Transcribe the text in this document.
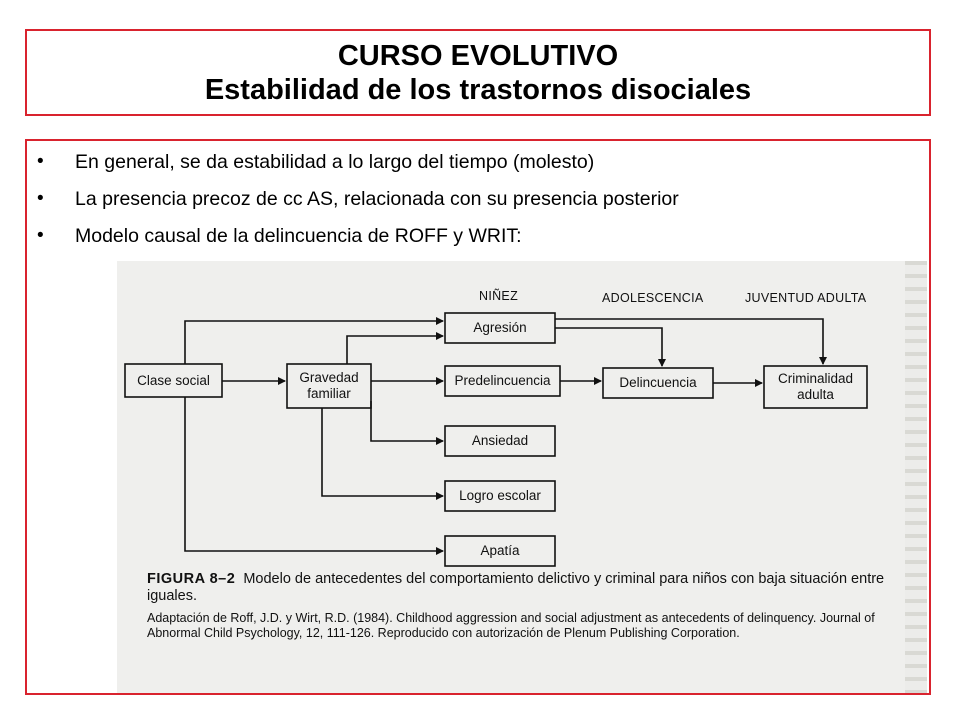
CURSO EVOLUTIVO
Estabilidad de los trastornos disociales
• En general, se da estabilidad a lo largo del tiempo (molesto)
• La presencia precoz de cc AS, relacionada con su presencia posterior
• Modelo causal de la delincuencia de ROFF y WRIT:
NIÑEZ	ADOLESCENCIA	JUVENTUD ADULTA
Clase social	Gravedad
familiar
Agresión
Predelincuencia
Ansiedad
Logro escolar
Apatía
Delincuencia	Criminalidad
adulta
FIGURA 8–2 Modelo de antecedentes del comportamiento delictivo y criminal para niños con baja situación entre iguales.
Adaptación de Roff, J.D. y Wirt, R.D. (1984). Childhood aggression and social adjustment as antecedents of delinquency. Journal of Abnormal Child Psychology, 12, 111-126. Reproducido con autorización de Plenum Publishing Corporation.
